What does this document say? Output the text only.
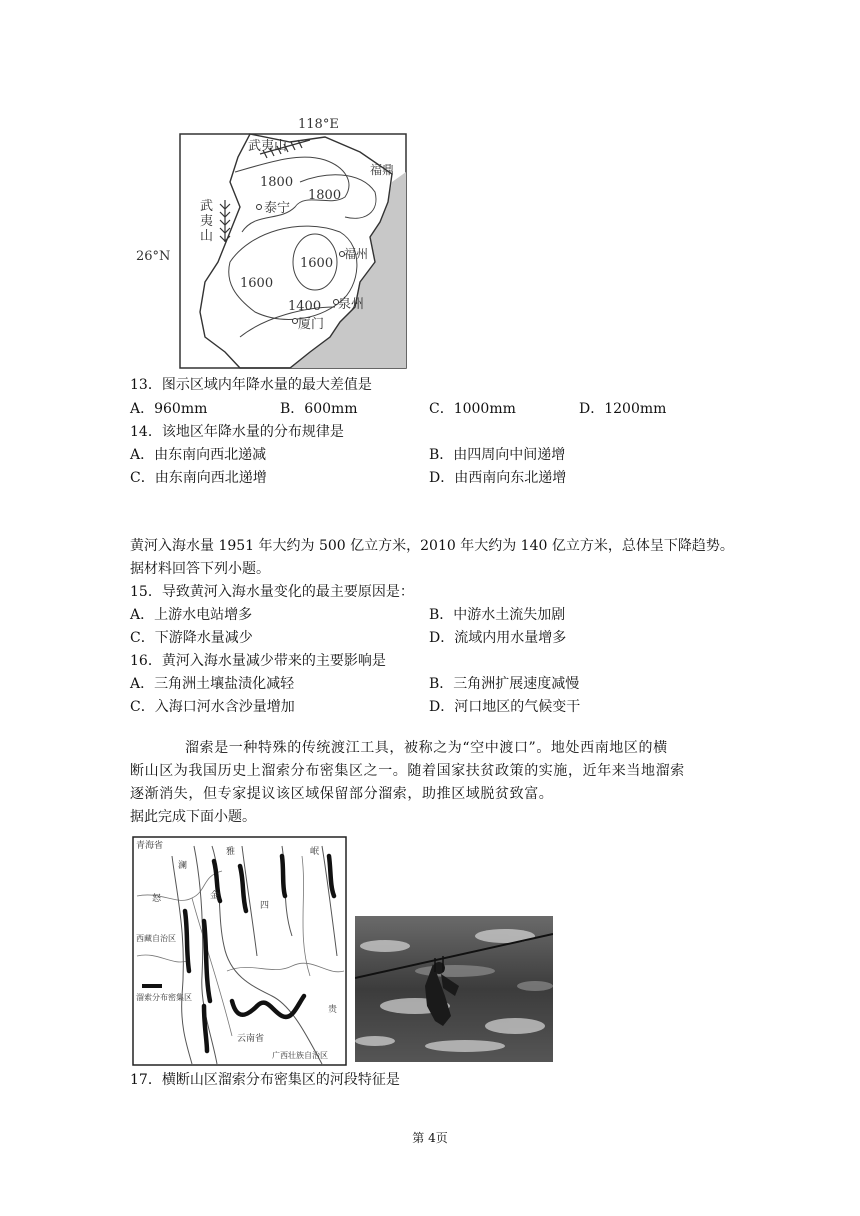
118°E
26°N
武夷山
武
夷
山
泰宁
福鼎
福州
泉州
厦门
1800
1800
1600
1600
1400
13．图示区域内年降水量的最大差值是
A．960mm	B．600mm	C．1000mm	D．1200mm
14．该地区年降水量的分布规律是
A．由东南向西北递减	B．由四周向中间递增
C．由东南向西北递增	D．由西南向东北递增
黄河入海水量 1951 年大约为 500 亿立方米，2010 年大约为 140 亿立方米，总体呈下降趋势。
据材料回答下列小题。
15．导致黄河入海水量变化的最主要原因是：
A．上游水电站增多	B．中游水土流失加剧
C．下游降水量减少	D．流域内用水量增多
16．黄河入海水量减少带来的主要影响是
A．三角洲土壤盐渍化减轻	B．三角洲扩展速度减慢
C．入海口河水含沙量增加	D．河口地区的气候变干
溜索是一种特殊的传统渡江工具，被称之为“空中渡口”。地处西南地区的横
断山区为我国历史上溜索分布密集区之一。随着国家扶贫政策的实施，近年来当地溜索
逐渐消失，但专家提议该区域保留部分溜索，助推区域脱贫致富。
据此完成下面小题。
青海省
澜
怒	金
雅	岷
四
西藏自治区
溜索分布密集区
云南省
贵
广西壮族自治区
17．横断山区溜索分布密集区的河段特征是
第 4页
